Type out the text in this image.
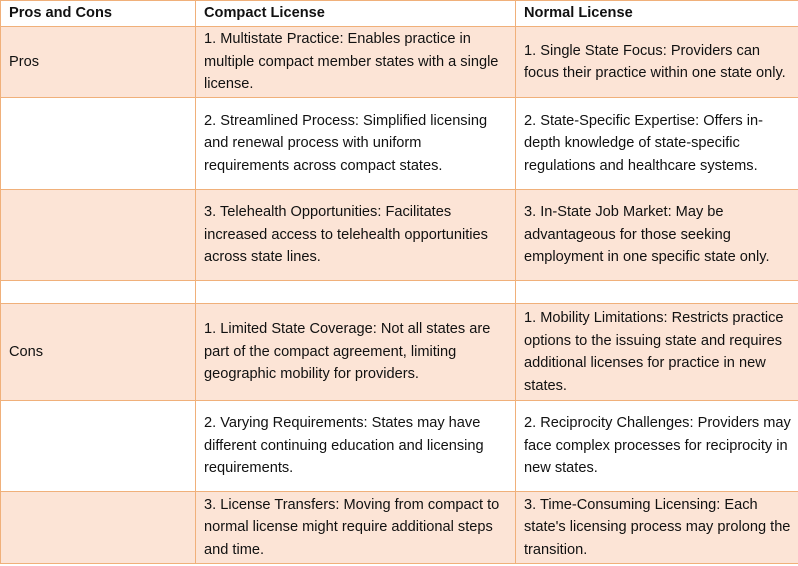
Pros and Cons	Compact License	Normal License
Pros	1. Multistate Practice: Enables practice in multiple compact member states with a single license.	1. Single State Focus: Providers can focus their practice within one state only.
	2. Streamlined Process: Simplified licensing and renewal process with uniform requirements across compact states.	2. State-Specific Expertise: Offers in-depth knowledge of state-specific regulations and healthcare systems.
	3. Telehealth Opportunities: Facilitates increased access to telehealth opportunities across state lines.	3. In-State Job Market: May be advantageous for those seeking employment in one specific state only.

Cons	1. Limited State Coverage: Not all states are part of the compact agreement, limiting geographic mobility for providers.	1. Mobility Limitations: Restricts practice options to the issuing state and requires additional licenses for practice in new states.
	2. Varying Requirements: States may have different continuing education and licensing requirements.	2. Reciprocity Challenges: Providers may face complex processes for reciprocity in new states.
	3. License Transfers: Moving from compact to normal license might require additional steps and time.	3. Time-Consuming Licensing: Each state's licensing process may prolong the transition.
